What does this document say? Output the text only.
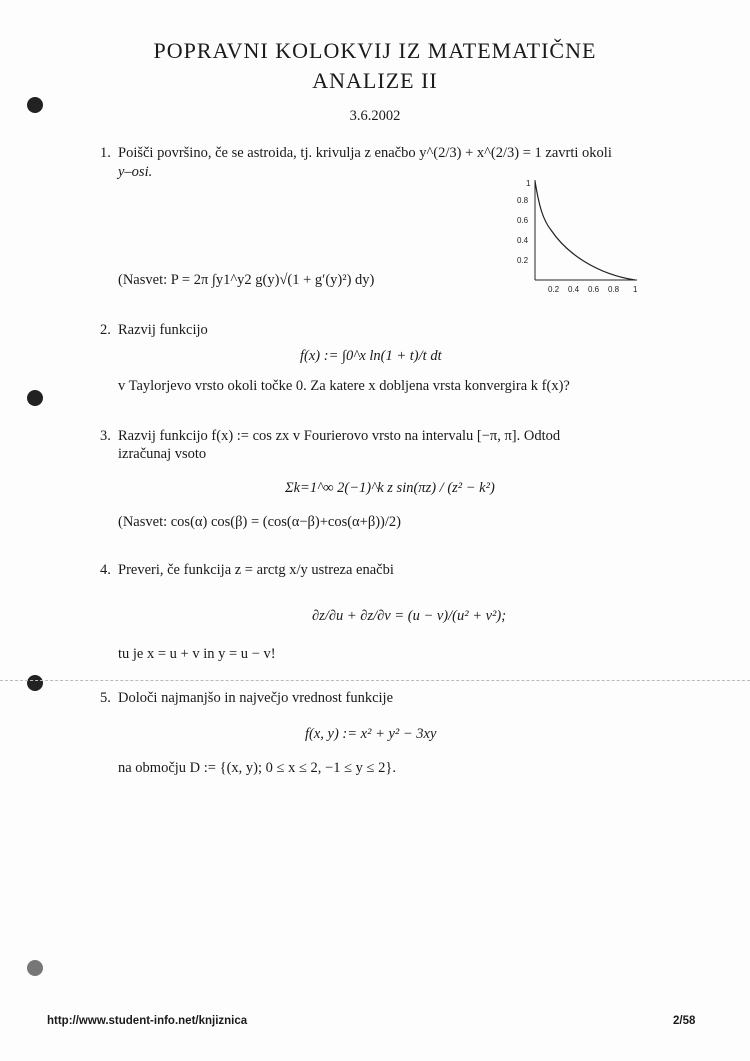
POPRAVNI KOLOKVIJ IZ MATEMATIČNE
ANALIZE II
3.6.2002
1. Poišči površino, če se astroida, tj. krivulja z enačbo y^(2/3) + x^(2/3) = 1 zavrti okoli
y–osi.
(Nasvet: P = 2π ∫y1^y2 g(y)√(1 + g′(y)²) dy)
0.2 0.4 0.6 0.8 1
0.2
0.4
0.6
0.8
1
2. Razvij funkcijo
f(x) := ∫0^x ln(1 + t)/t dt
v Taylorjevo vrsto okoli točke 0. Za katere x dobljena vrsta konvergira k f(x)?
3. Razvij funkcijo f(x) := cos zx v Fourierovo vrsto na intervalu [−π, π]. Odtod
izračunaj vsoto
Σk=1^∞ 2(−1)^k z sin(πz) / (z² − k²)
(Nasvet: cos(α) cos(β) = (cos(α−β)+cos(α+β))/2)
4. Preveri, če funkcija z = arctg x/y ustreza enačbi
∂z/∂u + ∂z/∂v = (u − v)/(u² + v²);
tu je x = u + v in y = u − v!
5. Določi najmanjšo in največjo vrednost funkcije
f(x, y) := x² + y² − 3xy
na območju D := {(x, y); 0 ≤ x ≤ 2, −1 ≤ y ≤ 2}.
http://www.student-info.net/knjiznica	2/58
